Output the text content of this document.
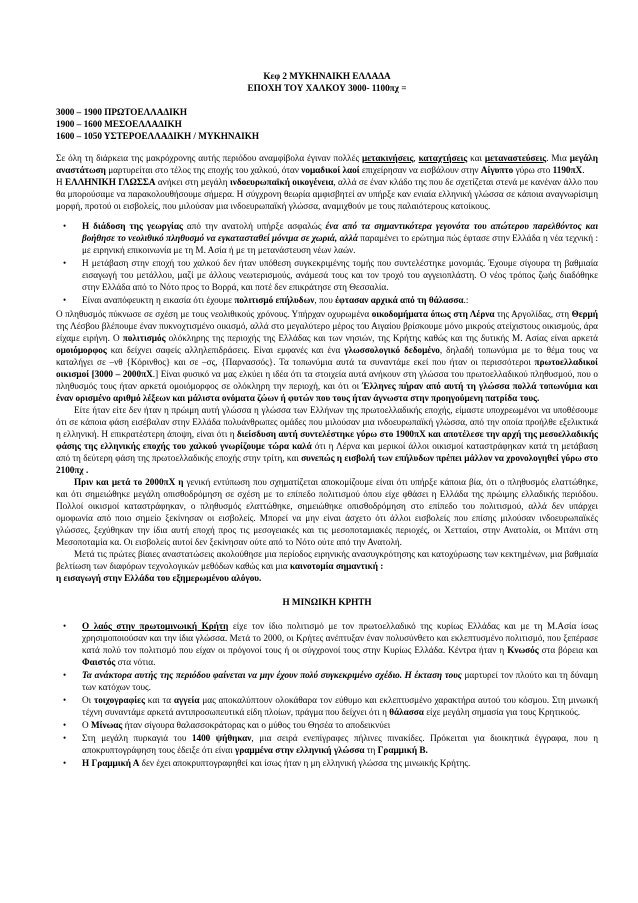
Κεφ 2 ΜΥΚΗΝΑΙΚΗ ΕΛΛΑΔΑ
ΕΠΟΧΗ ΤΟΥ ΧΑΛΚΟΥ 3000- 1100πχ =
3000 – 1900 ΠΡΩΤΟΕΛΛΑΔΙΚΗ
1900 – 1600 ΜΕΣΟΕΛΛΑΔΙΚΗ
1600 – 1050 ΥΣΤΕΡΟΕΛΛΑΔΙΚΗ / ΜΥΚΗΝΑΙΚΗ

Σε όλη τη διάρκεια της μακρόχρονης αυτής περιόδου αναμφίβολα έγιναν πολλές μετακινήσεις, καταχτήσεις και μεταναστεύσεις. Μια μεγάλη αναστάτωση μαρτυρείται στο τέλος της εποχής του χαλκού, όταν νομαδικοί λαοί επιχείρησαν να εισβάλουν στην Αίγυπτο γύρω στο 1190πΧ.

Η ΕΛΛΗΝΙΚΗ ΓΛΩΣΣΑ ανήκει στη μεγάλη ινδοευρωπαϊκή οικογένεια, αλλά σε έναν κλάδο της που δε σχετίζεται στενά με κανέναν άλλο που θα μπορούσαμε να παρακολουθήσουμε σήμερα. Η σύγχρονη θεωρία αμφισβητεί αν υπήρξε καν ενιαία ελληνική γλώσσα σε κάποια αναγνωρίσιμη μορφή, προτού οι εισβολείς, που μιλούσαν μια ινδοευρωπαϊκή γλώσσα, αναμιχθούν με τους παλαιότερους κατοίκους.

• Η διάδοση της γεωργίας από την ανατολή υπήρξε ασφαλώς ένα από τα σημαντικότερα γεγονότα του απώτερου παρελθόντος και βοήθησε το νεολιθικό πληθυσμό να εγκατασταθεί μόνιμα σε χωριά, αλλά παραμένει το ερώτημα πώς έφτασε στην Ελλάδα η νέα τεχνική : με ειρηνική επικοινωνία με τη Μ. Ασία ή με τη μετανάστευση νέων λαών.
• Η μετάβαση στην εποχή του χαλκού δεν ήταν υπόθεση συγκεκριμένης τομής που συντελέστηκε μονομιάς. Έχουμε σίγουρα τη βαθμιαία εισαγωγή του μετάλλου, μαζί με άλλους νεωτερισμούς, ανάμεσά τους και τον τροχό του αγγειοπλάστη. Ο νέος τρόπος ζωής διαδόθηκε στην Ελλάδα από το Νότο προς το Βορρά, και ποτέ δεν επικράτησε στη Θεσσαλία.
• Είναι αναπόφευκτη η εικασία ότι έχουμε πολιτισμό επήλυδων, που έφτασαν αρχικά από τη θάλασσα.:

Ο πληθυσμός πύκνωσε σε σχέση με τους νεολιθικούς χρόνους. Υπήρχαν οχυρωμένα οικοδομήματα όπως στη Λέρνα της Αργολίδας, στη Θερμή της Λέσβου βλέπουμε έναν πυκνοχτισμένο οικισμό, αλλά στο μεγαλύτερο μέρος του Αιγαίου βρίσκουμε μόνο μικρούς ατείχιστους οικισμούς, άρα είχαμε ειρήνη. Ο πολιτισμός ολόκληρης της περιοχής της Ελλάδας και των νησιών, της Κρήτης καθώς και της δυτικής Μ. Ασίας είναι αρκετά ομοιόμορφος και δείχνει σαφείς αλληλεπιδράσεις. Είναι εμφανές και ένα γλωσσολογικό δεδομένο, δηλαδή τοπωνύμια με το θέμα τους να καταλήγει σε –νθ {Κόρινθος} και σε –σς, {Παρνασσός}. Τα τοπωνύμια αυτά τα συναντάμε εκεί που ήταν οι περισσότεροι πρωτοελλαδικοί οικισμοί [3000 – 2000πΧ.] Είναι φυσικό να μας ελκύει η ιδέα ότι τα στοιχεία αυτά ανήκουν στη γλώσσα του πρωτοελλαδικού πληθυσμού, που ο πληθυσμός τους ήταν αρκετά ομοιόμορφος σε ολόκληρη την περιοχή, και ότι οι Έλληνες πήραν από αυτή τη γλώσσα πολλά τοπωνύμια και έναν ορισμένο αριθμό λέξεων και μάλιστα ονόματα ζώων ή φυτών που τους ήταν άγνωστα στην προηγούμενη πατρίδα τους.

Είτε ήταν είτε δεν ήταν η πρώιμη αυτή γλώσσα η γλώσσα των Ελλήνων της πρωτοελλαδικής εποχής, είμαστε υποχρεωμένοι να υποθέσουμε ότι σε κάποια φάση εισέβαλαν στην Ελλάδα πολυάνθρωπες ομάδες που μιλούσαν μια ινδοευρωπαϊκή γλώσσα, από την οποία προήλθε εξελικτικά η ελληνική. Η επικρατέστερη άποψη, είναι ότι η διείσδυση αυτή συντελέστηκε γύρω στο 1900πΧ και αποτέλεσε την αρχή της μεσοελλαδικής φάσης της ελληνικής εποχής του χαλκού γνωρίζουμε τώρα καλά ότι η Λέρνα και μερικοί άλλοι οικισμοί καταστράφηκαν κατά τη μετάβαση από τη δεύτερη φάση της πρωτοελλαδικής εποχής στην τρίτη, και συνεπώς η εισβολή των επήλυδων πρέπει μάλλον να χρονολογηθεί γύρω στο 2100πχ .

Πριν και μετά το 2000πΧ η γενική εντύπωση που σχηματίζεται αποκομίζουμε είναι ότι υπήρξε κάποια βία, ότι ο πληθυσμός ελαττώθηκε, και ότι σημειώθηκε μεγάλη οπισθοδρόμηση σε σχέση με το επίπεδο πολιτισμού όπου είχε φθάσει η Ελλάδα της πρώιμης ελλαδικής περιόδου. Πολλοί οικισμοί καταστράφηκαν, ο πληθυσμός ελαττώθηκε, σημειώθηκε οπισθοδρόμηση στο επίπεδο του πολιτισμού, αλλά δεν υπάρχει ομοφωνία από ποιο σημείο ξεκίνησαν οι εισβολείς. Μπορεί να μην είναι άσχετο ότι άλλοι εισβολείς που επίσης μιλούσαν ινδοευρωπαϊκές γλώσσες, ξεχύθηκαν την ίδια αυτή εποχή προς τις μεσογειακές και τις μεσοποταμιακές περιοχές, οι Χετταίοι, στην Ανατολία, οι Μιτάνι στη Μεσοποταμία κα. Οι εισβολείς αυτοί δεν ξεκίνησαν ούτε από το Νότο ούτε από την Ανατολή.

Μετά τις πρώτες βίαιες αναστατώσεις ακολούθησε μια περίοδος ειρηνικής ανασυγκρότησης και κατοχύρωσης των κεκτημένων, μια βαθμιαία βελτίωση των διαφόρων τεχνολογικών μεθόδων καθώς και μια καινοτομία σημαντική :
η εισαγωγή στην Ελλάδα του εξημερωμένου αλόγου.

Η ΜΙΝΩΙΚΗ ΚΡΗΤΗ
• Ο λαός στην πρωτομινωική Κρήτη είχε τον ίδιο πολιτισμό με τον πρωτοελλαδικό της κυρίως Ελλάδας και με τη Μ.Ασία ίσως χρησιμοποιούσαν και την ίδια γλώσσα. Μετά το 2000, οι Κρήτες ανέπτυξαν έναν πολυσύνθετο και εκλεπτυσμένο πολιτισμό, που ξεπέρασε κατά πολύ τον πολιτισμό που είχαν οι πρόγονοί τους ή οι σύγχρονοί τους στην Κυρίως Ελλάδα. Κέντρα ήταν η Κνωσός στα βόρεια και Φαιστός στα νότια.
• Τα ανάκτορα αυτής της περιόδου φαίνεται να μην έχουν πολύ συγκεκριμένο σχέδιο. Η έκταση τους μαρτυρεί τον πλούτο και τη δύναμη των κατόχων τους.
• Οι τοιχογραφίες και τα αγγεία μας αποκαλύπτουν ολοκάθαρα τον εύθυμο και εκλεπτυσμένο χαρακτήρα αυτού του κόσμου. Στη μινωική τέχνη συναντάμε αρκετά αντιπροσωπευτικά είδη πλοίων, πράγμα που δείχνει ότι η θάλασσα είχε μεγάλη σημασία για τους Κρητικούς.
• Ο Μίνωας ήταν σίγουρα θαλασσοκράτορας και ο μύθος του Θησέα το αποδεικνύει
• Στη μεγάλη πυρκαγιά του 1400 ψήθηκαν, μια σειρά ενεπίγραφες πήλινες πινακίδες. Πρόκειται για διοικητικά έγγραφα, που η αποκρυπτογράφηση τους έδειξε ότι είναι γραμμένα στην ελληνική γλώσσα τη Γραμμική Β.
• Η Γραμμική Α δεν έχει αποκρυπτογραφηθεί και ίσως ήταν η μη ελληνική γλώσσα της μινωικής Κρήτης.
